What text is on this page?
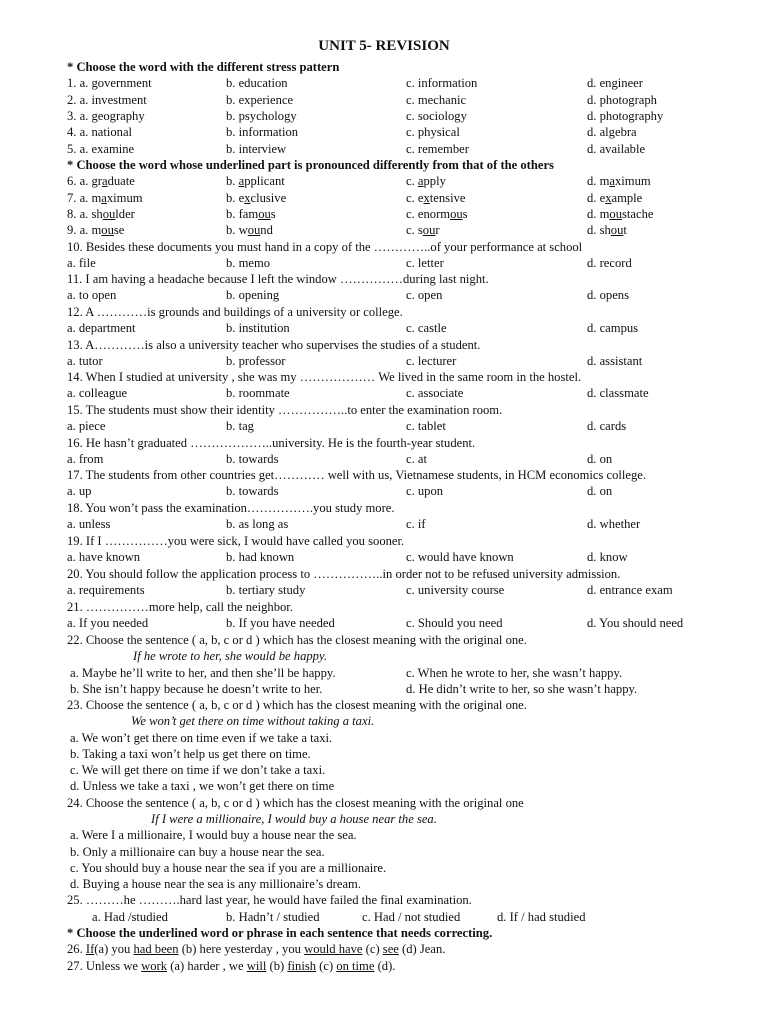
UNIT 5- REVISION
* Choose the word with the different stress pattern
* Choose the word whose underlined part is pronounced differently from that of the others
22. Choose the sentence ( a, b, c or d ) which has the closest meaning with the original one.
If he wrote to her, she would be happy.
a. Maybe he’ll write to her, and then she’ll be happy.	c. When he wrote to her, she wasn’t happy.
b. She isn’t happy because he doesn’t write to her.	d. He didn’t write to her, so she wasn’t happy.
23. Choose the sentence ( a, b, c or d ) which has the closest meaning with the original one.
We won’t get there on time without taking a taxi.
a. We won’t get there on time even if we take a taxi.
b. Taking a taxi won’t help us get there on time.
c. We will get there on time if we don’t take a taxi.
d. Unless we take a taxi , we won’t get there on time
24. Choose the sentence ( a, b, c or d ) which has the closest meaning with the original one
If I were a millionaire, I would buy a house near the sea.
a. Were I a millionaire, I would buy a house near the sea.
b. Only a millionaire can buy a house near the sea.
c. You should buy a house near the sea if you are a millionaire.
d. Buying a house near the sea is any millionaire’s dream.
25. ………he ……….hard last year, he would have failed the final examination.
a. Had /studied	b. Hadn’t / studied	c. Had / not studied	d. If / had studied
* Choose the underlined word or phrase in each sentence that needs correcting.
26. If(a) you had been (b) here yesterday , you would have (c) see (d) Jean.
27. Unless we work (a) harder , we will (b) finish (c) on time (d).
1. a. government	b. education	c. information	d. engineer
2. a. investment	b. experience	c. mechanic	d. photograph
3. a. geography	b. psychology	c. sociology	d. photography
4. a. national	b. information	c. physical	d. algebra
5. a. examine	b. interview	c. remember	d. available
6. a. graduate	b. applicant	c. apply	d. maximum
7. a. maximum	b. exclusive	c. extensive	d. example
8. a. shoulder	b. famous	c. enormous	d. moustache
9. a. mouse	b. wound	c. sour	d. shout
10. Besides these documents you must hand in a copy of the …………..of your performance at school
a. file	b. memo	c. letter	d. record
11. I am having a headache because I left the window ……………during last night.
a. to open	b. opening	c. open	d. opens
12. A …………is grounds and buildings of a university or college.
a. department	b. institution	c. castle	d. campus
13. A…………is also a university teacher who supervises the studies of a student.
a. tutor	b. professor	c. lecturer	d. assistant
14. When I studied at university , she was my ……………… We lived in the same room in the hostel.
a. colleague	b. roommate	c. associate	d. classmate
15. The students must show their identity ……………..to enter the examination room.
a. piece	b. tag	c. tablet	d. cards
16. He hasn’t graduated ………………..university. He is the fourth-year student.
a. from	b. towards	c. at	d. on
17. The students from other countries get………… well with us, Vietnamese students, in HCM economics college.
a. up	b. towards	c. upon	d. on
18. You won’t pass the examination…………….you study more.
a. unless	b. as long as	c. if	d. whether
19. If I ……………you were sick, I would have called you sooner.
a. have known	b. had known	c. would have known	d. know
20. You should follow the application process to ……………..in order not to be refused university admission.
a. requirements	b. tertiary study	c. university course	d. entrance exam
21. ……………more help, call the neighbor.
a. If you needed	b. If you have needed	c. Should you need	d. You should need
